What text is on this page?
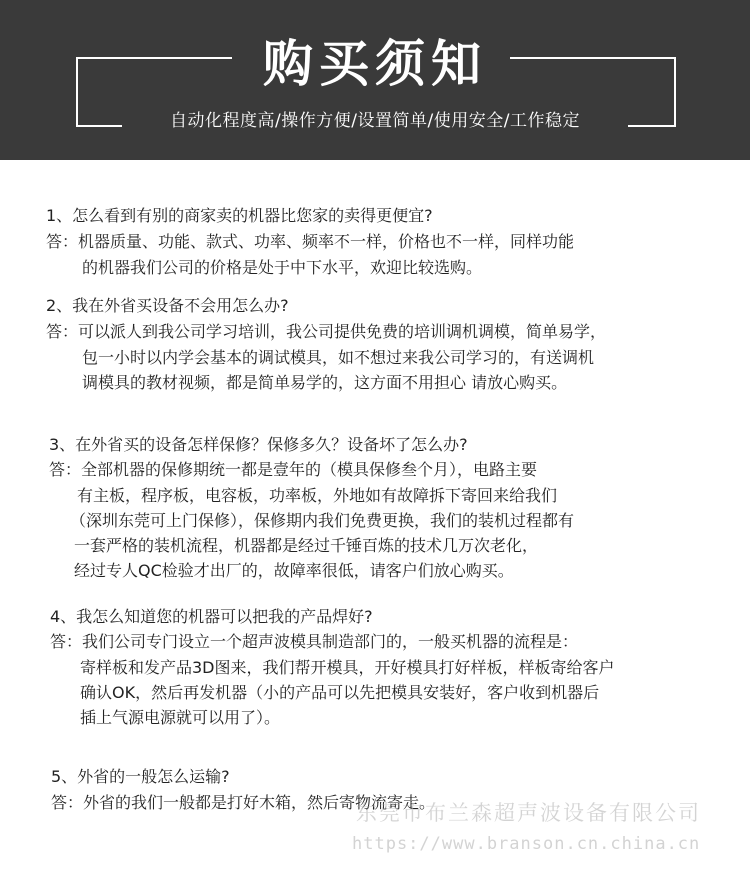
购买须知
自动化程度高/操作方便/设置简单/使用安全/工作稳定
1、怎么看到有别的商家卖的机器比您家的卖得更便宜?
答：机器质量、功能、款式、功率、频率不一样，价格也不一样，同样功能
的机器我们公司的价格是处于中下水平，欢迎比较选购。
2、我在外省买设备不会用怎么办?
答：可以派人到我公司学习培训，我公司提供免费的培训调机调模，简单易学，
包一小时以内学会基本的调试模具，如不想过来我公司学习的，有送调机
调模具的教材视频，都是简单易学的，这方面不用担心 请放心购买。
3、在外省买的设备怎样保修？保修多久？设备坏了怎么办?
答：全部机器的保修期统一都是壹年的（模具保修叁个月），电路主要
有主板，程序板，电容板，功率板，外地如有故障拆下寄回来给我们
（深圳东莞可上门保修），保修期内我们免费更换，我们的装机过程都有
一套严格的装机流程，机器都是经过千锤百炼的技术几万次老化，
经过专人QC检验才出厂的，故障率很低，请客户们放心购买。
4、我怎么知道您的机器可以把我的产品焊好?
答：我们公司专门设立一个超声波模具制造部门的，一般买机器的流程是：
寄样板和发产品3D图来，我们帮开模具，开好模具打好样板，样板寄给客户
确认OK，然后再发机器（小的产品可以先把模具安装好，客户收到机器后
插上气源电源就可以用了）。
5、外省的一般怎么运输?
答：外省的我们一般都是打好木箱，然后寄物流寄走。
东莞市布兰森超声波设备有限公司
https://www.branson.cn.china.cn
